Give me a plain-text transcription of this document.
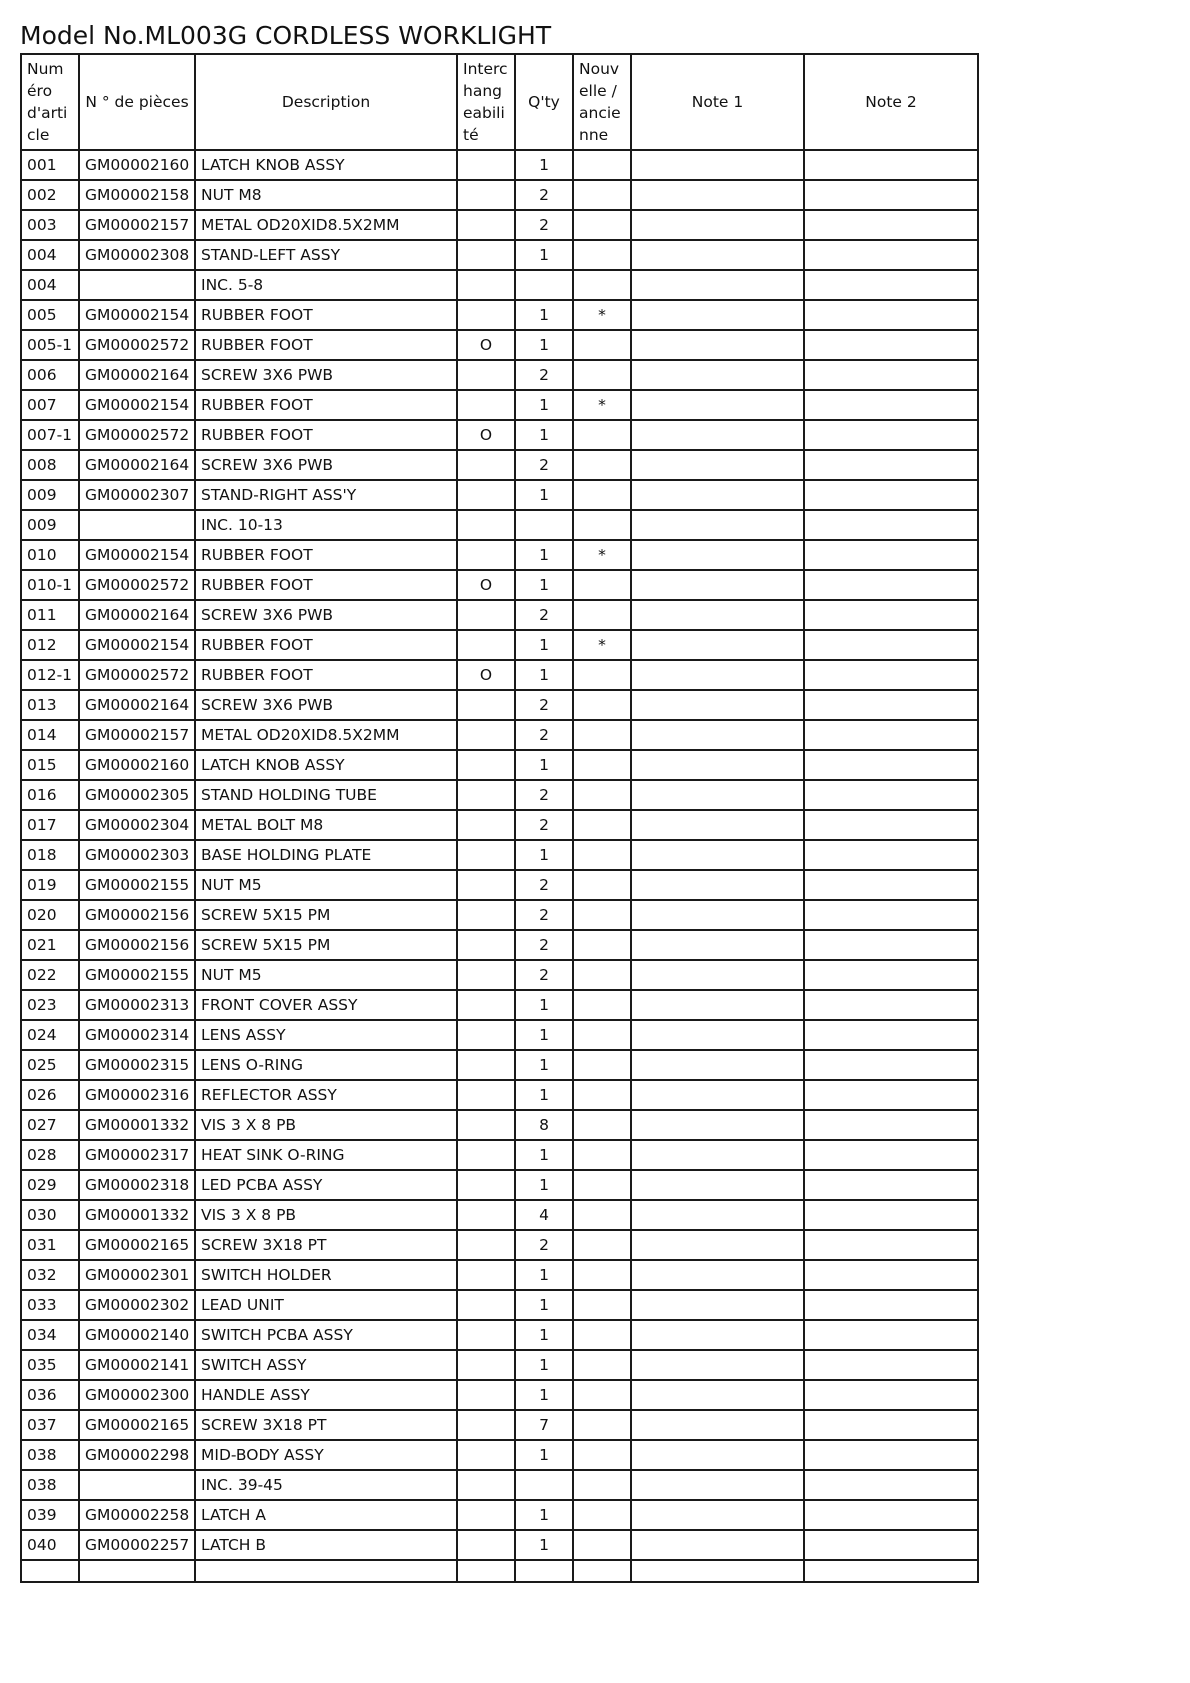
Model No.ML003G CORDLESS WORKLIGHT
Numéro d'article	N ° de pièces	Description	Interchangeabilité	Q'ty	Nouvelle / ancienne	Note 1	Note 2
001	GM00002160	LATCH KNOB ASSY		1			
002	GM00002158	NUT M8		2			
003	GM00002157	METAL OD20XID8.5X2MM		2			
004	GM00002308	STAND-LEFT ASSY		1			
004		INC. 5-8					
005	GM00002154	RUBBER FOOT		1	*		
005-1	GM00002572	RUBBER FOOT	O	1			
006	GM00002164	SCREW 3X6 PWB		2			
007	GM00002154	RUBBER FOOT		1	*		
007-1	GM00002572	RUBBER FOOT	O	1			
008	GM00002164	SCREW 3X6 PWB		2			
009	GM00002307	STAND-RIGHT ASS'Y		1			
009		INC. 10-13					
010	GM00002154	RUBBER FOOT		1	*		
010-1	GM00002572	RUBBER FOOT	O	1			
011	GM00002164	SCREW 3X6 PWB		2			
012	GM00002154	RUBBER FOOT		1	*		
012-1	GM00002572	RUBBER FOOT	O	1			
013	GM00002164	SCREW 3X6 PWB		2			
014	GM00002157	METAL OD20XID8.5X2MM		2			
015	GM00002160	LATCH KNOB ASSY		1			
016	GM00002305	STAND HOLDING TUBE		2			
017	GM00002304	METAL BOLT M8		2			
018	GM00002303	BASE HOLDING PLATE		1			
019	GM00002155	NUT M5		2			
020	GM00002156	SCREW 5X15 PM		2			
021	GM00002156	SCREW 5X15 PM		2			
022	GM00002155	NUT M5		2			
023	GM00002313	FRONT COVER ASSY		1			
024	GM00002314	LENS ASSY		1			
025	GM00002315	LENS O-RING		1			
026	GM00002316	REFLECTOR ASSY		1			
027	GM00001332	VIS 3 X 8 PB		8			
028	GM00002317	HEAT SINK O-RING		1			
029	GM00002318	LED PCBA ASSY		1			
030	GM00001332	VIS 3 X 8 PB		4			
031	GM00002165	SCREW 3X18 PT		2			
032	GM00002301	SWITCH HOLDER		1			
033	GM00002302	LEAD UNIT		1			
034	GM00002140	SWITCH PCBA ASSY		1			
035	GM00002141	SWITCH ASSY		1			
036	GM00002300	HANDLE ASSY		1			
037	GM00002165	SCREW 3X18 PT		7			
038	GM00002298	MID-BODY ASSY		1			
038		INC. 39-45					
039	GM00002258	LATCH A		1			
040	GM00002257	LATCH B		1			
